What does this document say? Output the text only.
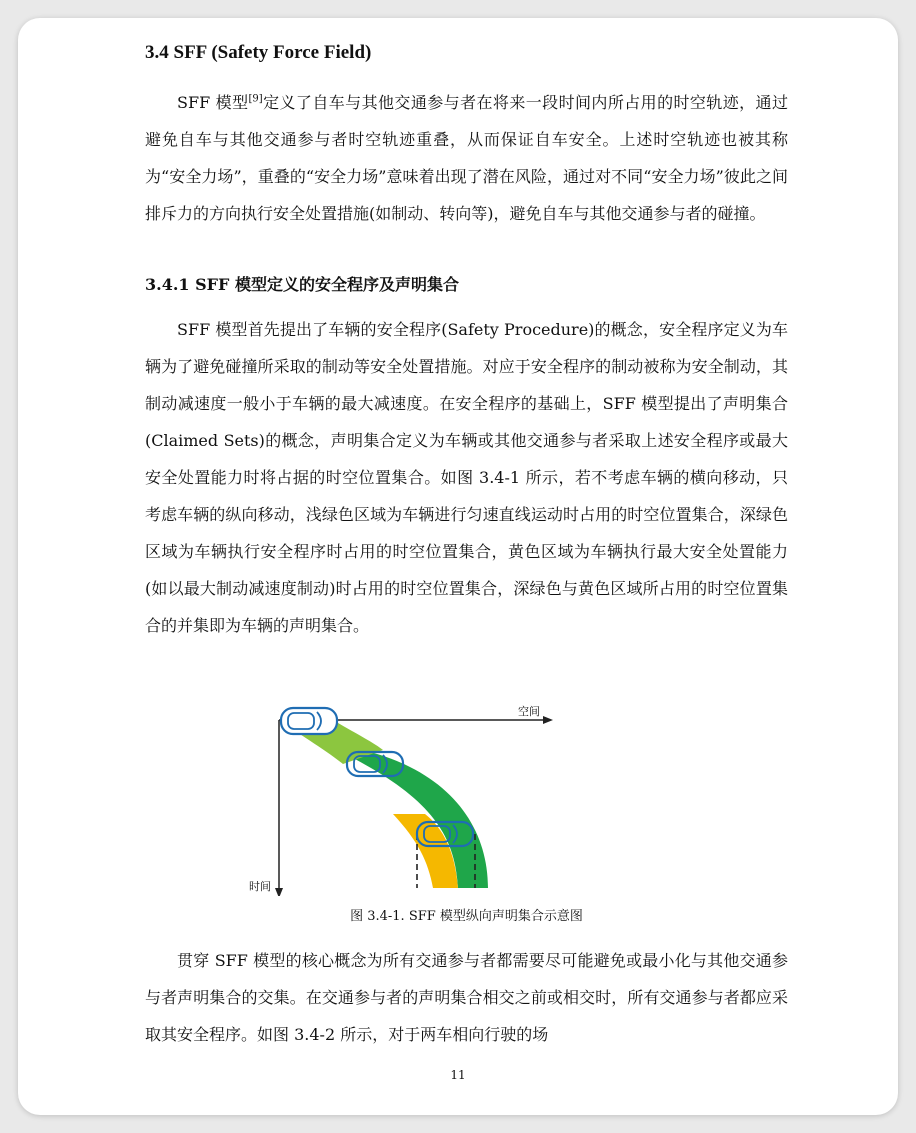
3.4 SFF (Safety Force Field)
SFF 模型[9]定义了自车与其他交通参与者在将来一段时间内所占用的时空轨迹，通过避免自车与其他交通参与者时空轨迹重叠，从而保证自车安全。上述时空轨迹也被其称为“安全力场”，重叠的“安全力场”意味着出现了潜在风险，通过对不同“安全力场”彼此之间排斥力的方向执行安全处置措施(如制动、转向等)，避免自车与其他交通参与者的碰撞。
3.4.1 SFF 模型定义的安全程序及声明集合
SFF 模型首先提出了车辆的安全程序(Safety Procedure)的概念，安全程序定义为车辆为了避免碰撞所采取的制动等安全处置措施。对应于安全程序的制动被称为安全制动，其制动减速度一般小于车辆的最大减速度。在安全程序的基础上，SFF 模型提出了声明集合(Claimed Sets)的概念，声明集合定义为车辆或其他交通参与者采取上述安全程序或最大安全处置能力时将占据的时空位置集合。如图 3.4-1 所示，若不考虑车辆的横向移动，只考虑车辆的纵向移动，浅绿色区域为车辆进行匀速直线运动时占用的时空位置集合，深绿色区域为车辆执行安全程序时占用的时空位置集合，黄色区域为车辆执行最大安全处置能力(如以最大制动减速度制动)时占用的时空位置集合，深绿色与黄色区域所占用的时空位置集合的并集即为车辆的声明集合。
空间
时间
图 3.4-1. SFF 模型纵向声明集合示意图
贯穿 SFF 模型的核心概念为所有交通参与者都需要尽可能避免或最小化与其他交通参与者声明集合的交集。在交通参与者的声明集合相交之前或相交时，所有交通参与者都应采取其安全程序。如图 3.4-2 所示，对于两车相向行驶的场
11
